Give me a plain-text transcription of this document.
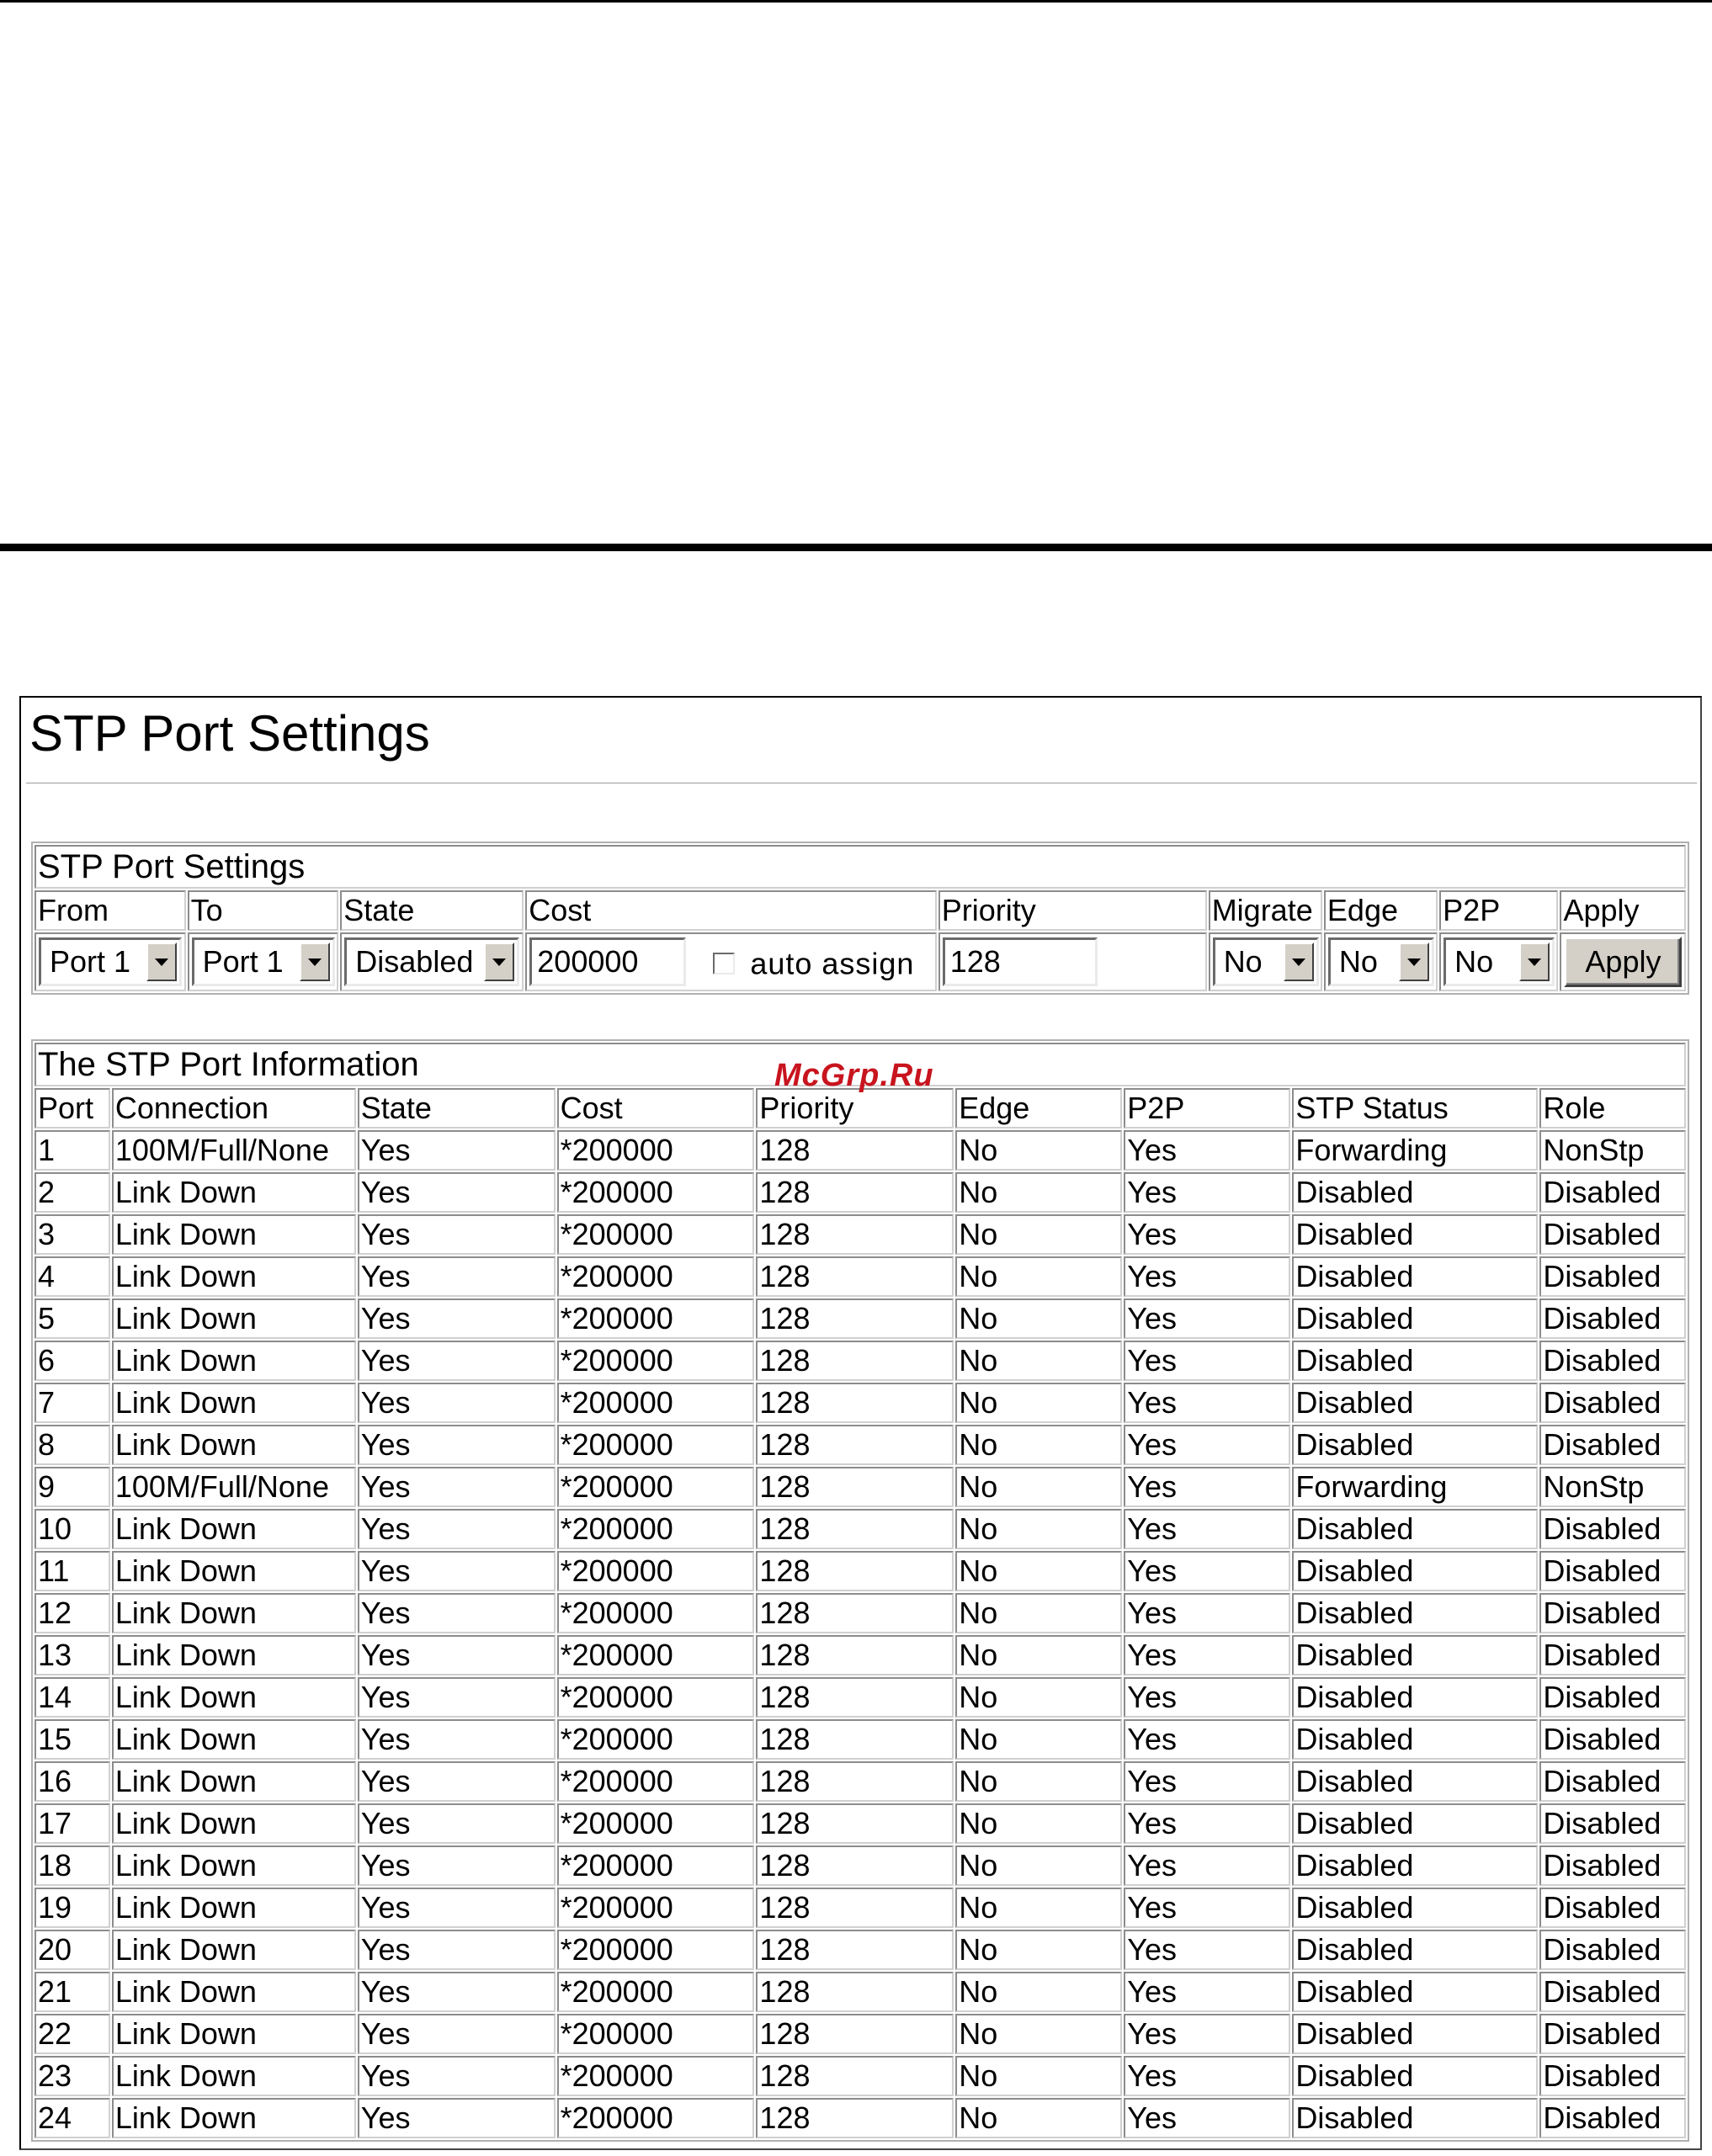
STP Port Settings
STP Port Settings								
From	To	State	Cost	Priority	Migrate	Edge	P2P	Apply

Port 1	Port 1	Disabled	200000 auto assign	128	No	No	No	Apply
The STP Port Information								
Port	Connection	State	Cost	Priority	Edge	P2P	STP Status	Role
1	100M/Full/None	Yes	*200000	128	No	Yes	Forwarding	NonStp
2	Link Down	Yes	*200000	128	No	Yes	Disabled	Disabled
3	Link Down	Yes	*200000	128	No	Yes	Disabled	Disabled
4	Link Down	Yes	*200000	128	No	Yes	Disabled	Disabled
5	Link Down	Yes	*200000	128	No	Yes	Disabled	Disabled
6	Link Down	Yes	*200000	128	No	Yes	Disabled	Disabled
7	Link Down	Yes	*200000	128	No	Yes	Disabled	Disabled
8	Link Down	Yes	*200000	128	No	Yes	Disabled	Disabled
9	100M/Full/None	Yes	*200000	128	No	Yes	Forwarding	NonStp
10	Link Down	Yes	*200000	128	No	Yes	Disabled	Disabled
11	Link Down	Yes	*200000	128	No	Yes	Disabled	Disabled
12	Link Down	Yes	*200000	128	No	Yes	Disabled	Disabled
13	Link Down	Yes	*200000	128	No	Yes	Disabled	Disabled
14	Link Down	Yes	*200000	128	No	Yes	Disabled	Disabled
15	Link Down	Yes	*200000	128	No	Yes	Disabled	Disabled
16	Link Down	Yes	*200000	128	No	Yes	Disabled	Disabled
17	Link Down	Yes	*200000	128	No	Yes	Disabled	Disabled
18	Link Down	Yes	*200000	128	No	Yes	Disabled	Disabled
19	Link Down	Yes	*200000	128	No	Yes	Disabled	Disabled
20	Link Down	Yes	*200000	128	No	Yes	Disabled	Disabled
21	Link Down	Yes	*200000	128	No	Yes	Disabled	Disabled
22	Link Down	Yes	*200000	128	No	Yes	Disabled	Disabled
23	Link Down	Yes	*200000	128	No	Yes	Disabled	Disabled
24	Link Down	Yes	*200000	128	No	Yes	Disabled	Disabled
McGrp.Ru
